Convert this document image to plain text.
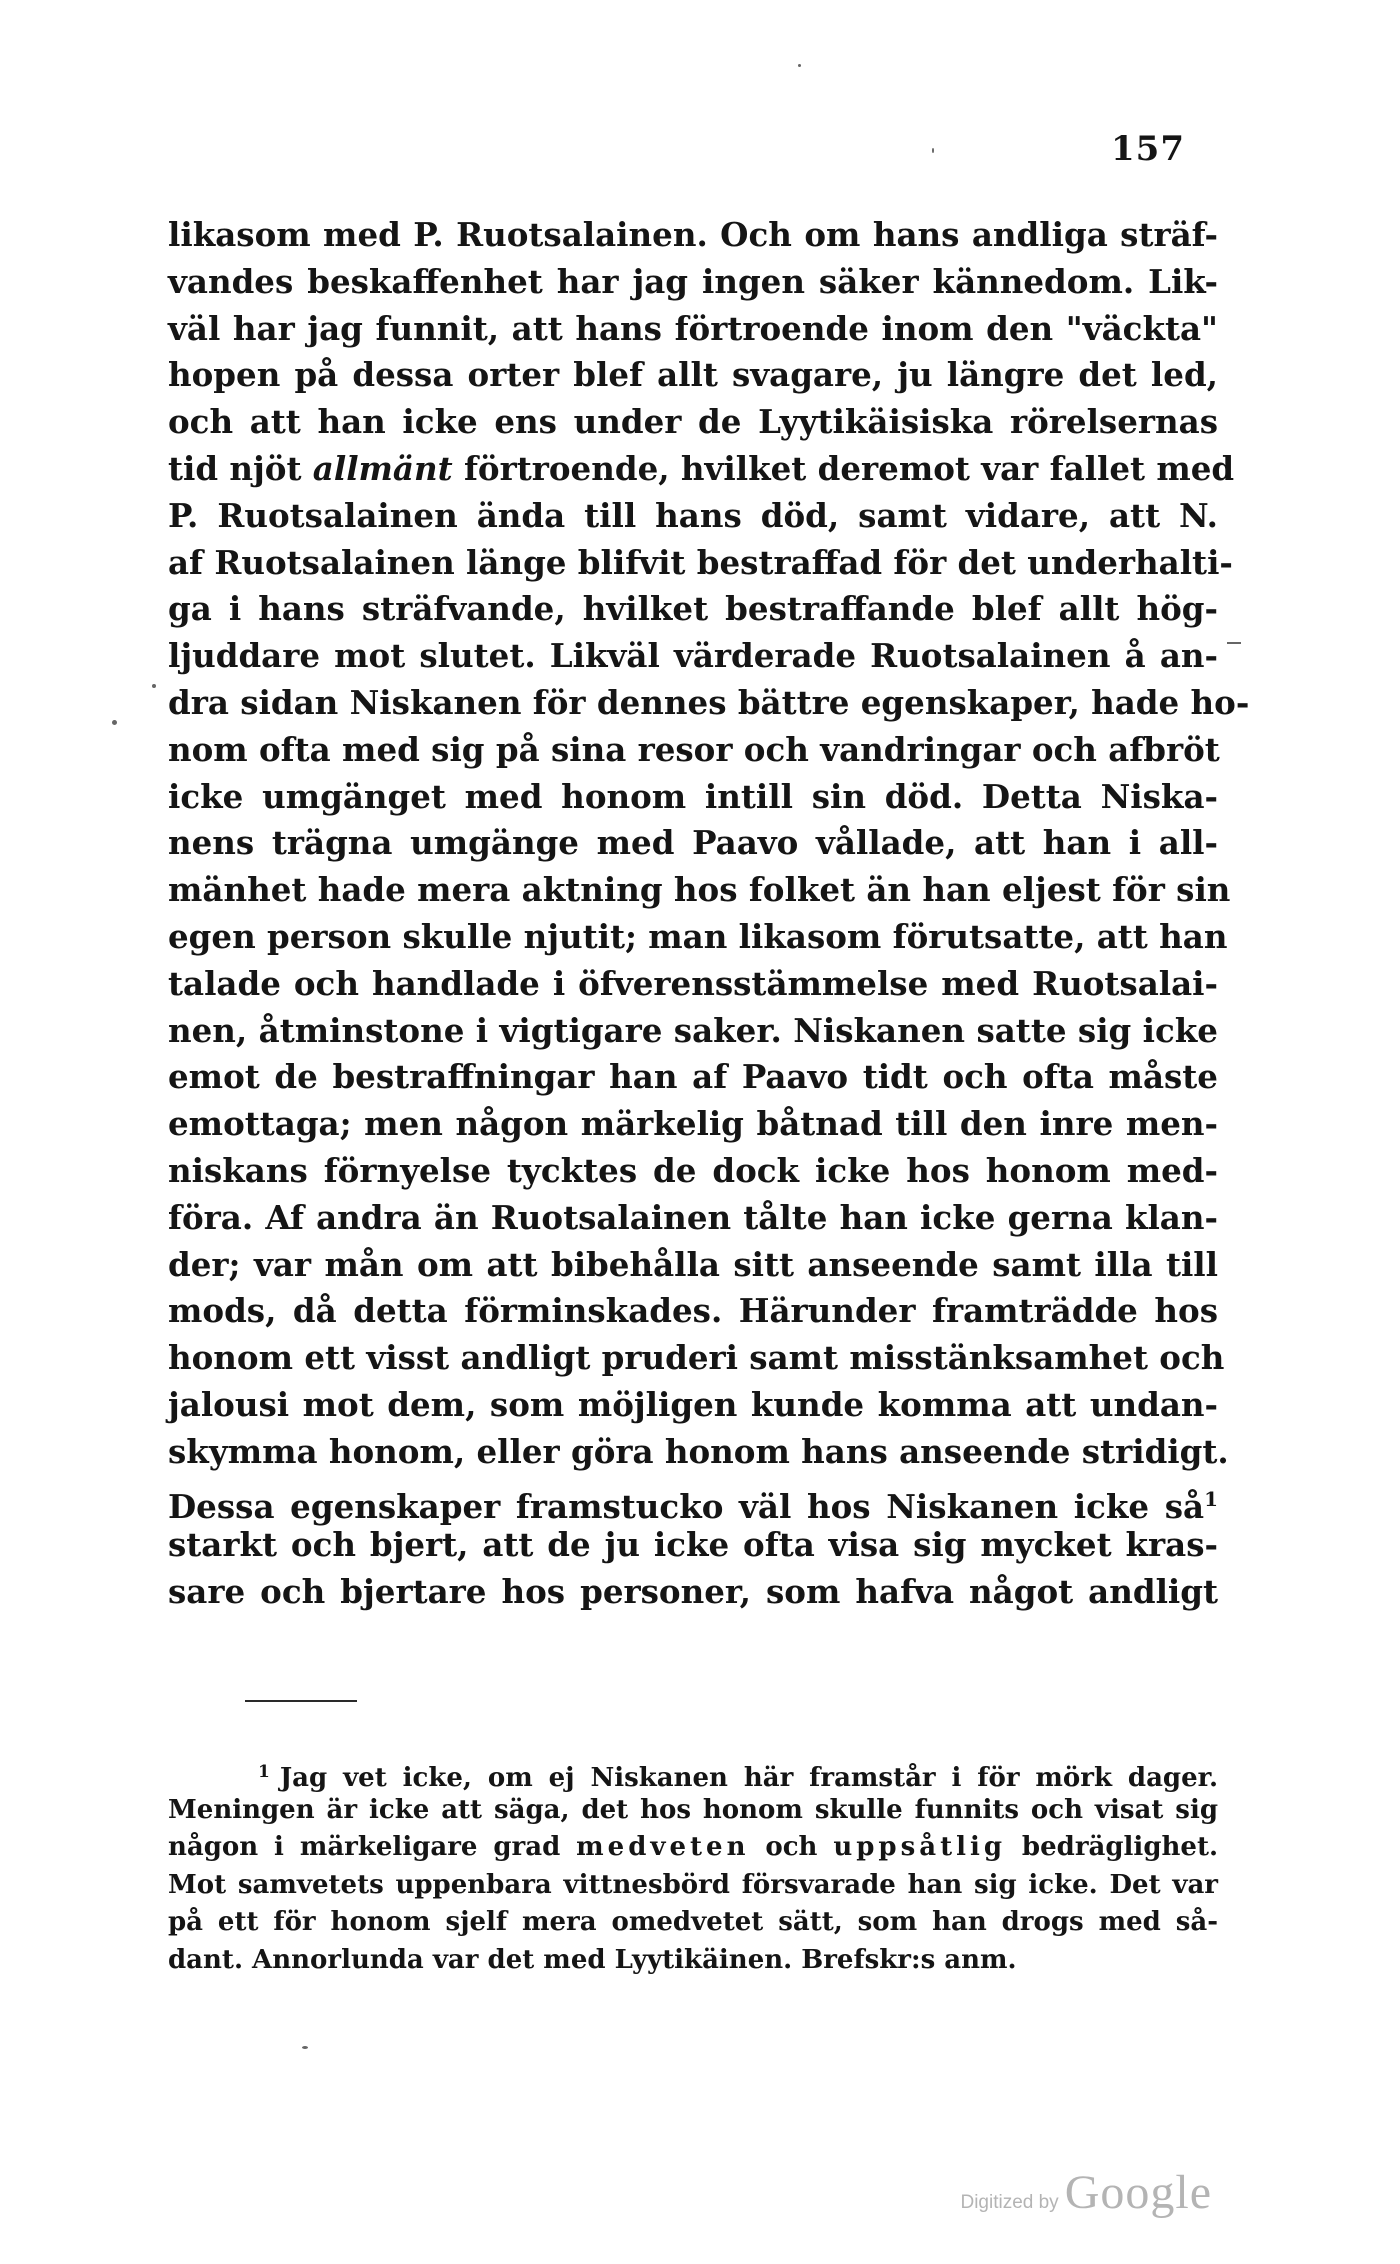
157
likasom med P. Ruotsalainen. Och om hans andliga sträf-
vandes beskaffenhet har jag ingen säker kännedom. Lik-
väl har jag funnit, att hans förtroende inom den "väckta"
hopen på dessa orter blef allt svagare, ju längre det led,
och att han icke ens under de Lyytikäisiska rörelsernas
tid njöt allmänt förtroende, hvilket deremot var fallet med
P. Ruotsalainen ända till hans död, samt vidare, att N.
af Ruotsalainen länge blifvit bestraffad för det underhalti-
ga i hans sträfvande, hvilket bestraffande blef allt hög-
ljuddare mot slutet. Likväl värderade Ruotsalainen å an-
dra sidan Niskanen för dennes bättre egenskaper, hade ho-
nom ofta med sig på sina resor och vandringar och afbröt
icke umgänget med honom intill sin död. Detta Niska-
nens trägna umgänge med Paavo vållade, att han i all-
mänhet hade mera aktning hos folket än han eljest för sin
egen person skulle njutit; man likasom förutsatte, att han
talade och handlade i öfverensstämmelse med Ruotsalai-
nen, åtminstone i vigtigare saker. Niskanen satte sig icke
emot de bestraffningar han af Paavo tidt och ofta måste
emottaga; men någon märkelig båtnad till den inre men-
niskans förnyelse tycktes de dock icke hos honom med-
föra. Af andra än Ruotsalainen tålte han icke gerna klan-
der; var mån om att bibehålla sitt anseende samt illa till
mods, då detta förminskades. Härunder framträdde hos
honom ett visst andligt pruderi samt misstänksamhet och
jalousi mot dem, som möjligen kunde komma att undan-
skymma honom, eller göra honom hans anseende stridigt.
Dessa egenskaper framstucko väl hos Niskanen icke $så^1$
starkt och bjert, att de ju icke ofta visa sig mycket kras-
sare och bjertare hos personer, som hafva något andligt
$^1$ Jag vet icke, om ej Niskanen här framstår i för mörk dager.
Meningen är icke att säga, det hos honom skulle funnits och visat sig
någon i märkeligare grad medveten och uppsåtlig bedräglighet.
Mot samvetets uppenbara vittnesbörd försvarade han sig icke. Det var
på ett för honom sjelf mera omedvetet sätt, som han drogs med så-
dant. Annorlunda var det med Lyytikäinen. Brefskr:s anm.
Digitized by Google
